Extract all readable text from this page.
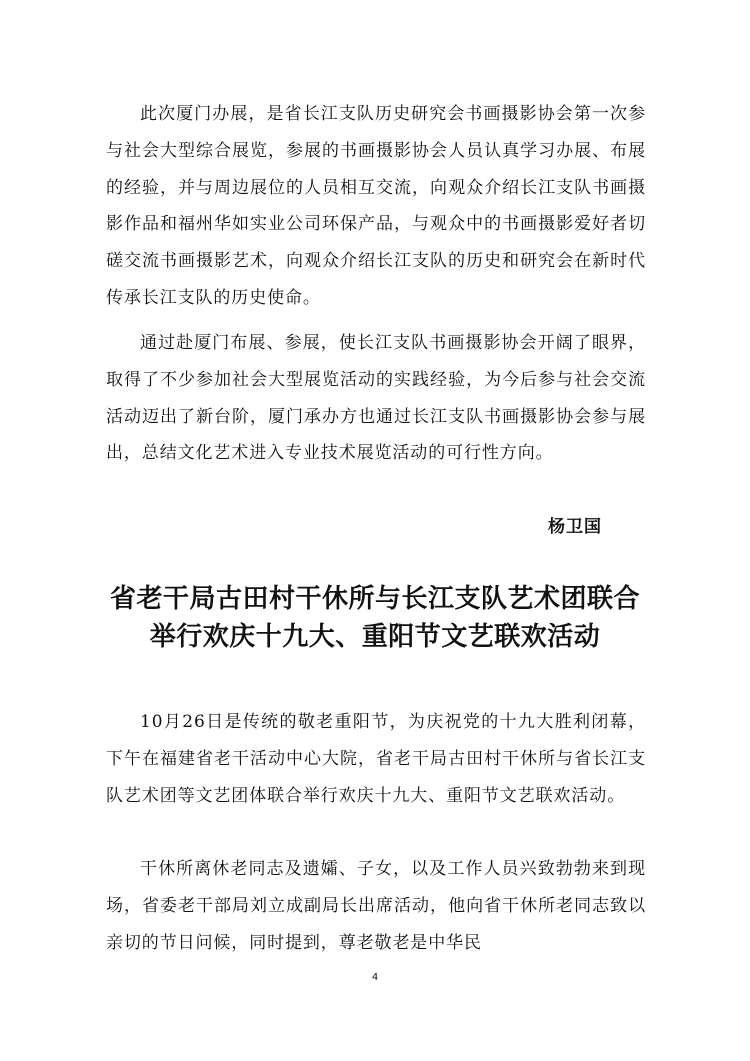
此次厦门办展，是省长江支队历史研究会书画摄影协会第一次参与社会大型综合展览，参展的书画摄影协会人员认真学习办展、布展的经验，并与周边展位的人员相互交流，向观众介绍长江支队书画摄影作品和福州华如实业公司环保产品，与观众中的书画摄影爱好者切磋交流书画摄影艺术，向观众介绍长江支队的历史和研究会在新时代传承长江支队的历史使命。

通过赴厦门布展、参展，使长江支队书画摄影协会开阔了眼界，取得了不少参加社会大型展览活动的实践经验，为今后参与社会交流活动迈出了新台阶，厦门承办方也通过长江支队书画摄影协会参与展出，总结文化艺术进入专业技术展览活动的可行性方向。

杨卫国

省老干局古田村干休所与长江支队艺术团联合
举行欢庆十九大、重阳节文艺联欢活动

10月26日是传统的敬老重阳节，为庆祝党的十九大胜利闭幕，下午在福建省老干活动中心大院，省老干局古田村干休所与省长江支队艺术团等文艺团体联合举行欢庆十九大、重阳节文艺联欢活动。

干休所离休老同志及遗孀、子女，以及工作人员兴致勃勃来到现场，省委老干部局刘立成副局长出席活动，他向省干休所老同志致以亲切的节日问候，同时提到，尊老敬老是中华民

4
